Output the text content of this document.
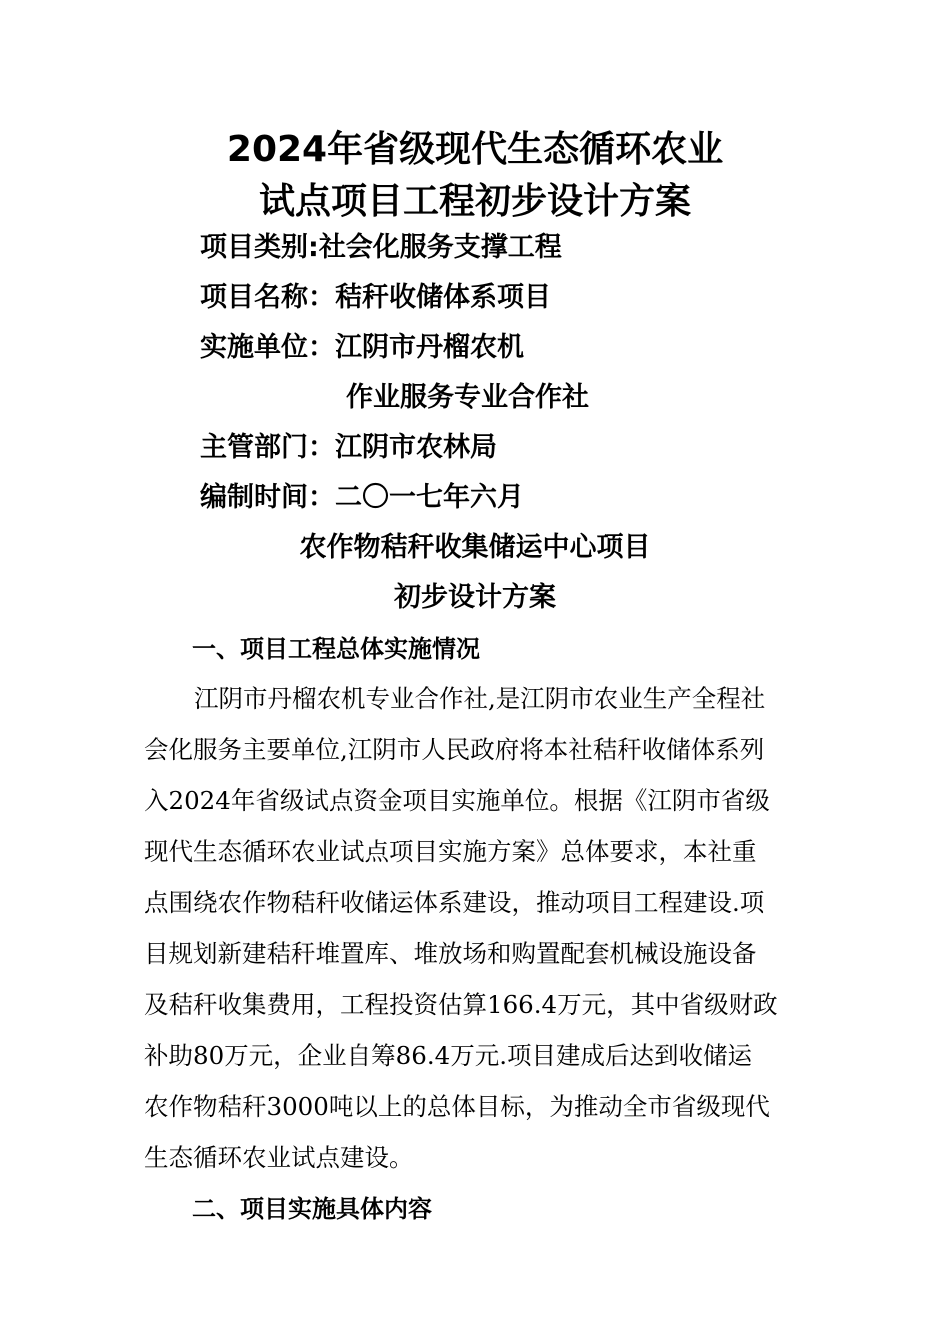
2024年省级现代生态循环农业
试点项目工程初步设计方案
项目类别:社会化服务支撑工程
项目名称：秸秆收储体系项目
实施单位：江阴市丹榴农机
作业服务专业合作社
主管部门：江阴市农林局
编制时间：二〇一七年六月
农作物秸秆收集储运中心项目
初步设计方案
一、项目工程总体实施情况
江阴市丹榴农机专业合作社,是江阴市农业生产全程社
会化服务主要单位,江阴市人民政府将本社秸秆收储体系列
入2024年省级试点资金项目实施单位。根据《江阴市省级
现代生态循环农业试点项目实施方案》总体要求，本社重
点围绕农作物秸秆收储运体系建设，推动项目工程建设.项
目规划新建秸秆堆置库、堆放场和购置配套机械设施设备
及秸秆收集费用，工程投资估算166.4万元，其中省级财政
补助80万元，企业自筹86.4万元.项目建成后达到收储运
农作物秸秆3000吨以上的总体目标，为推动全市省级现代
生态循环农业试点建设。
二、项目实施具体内容
